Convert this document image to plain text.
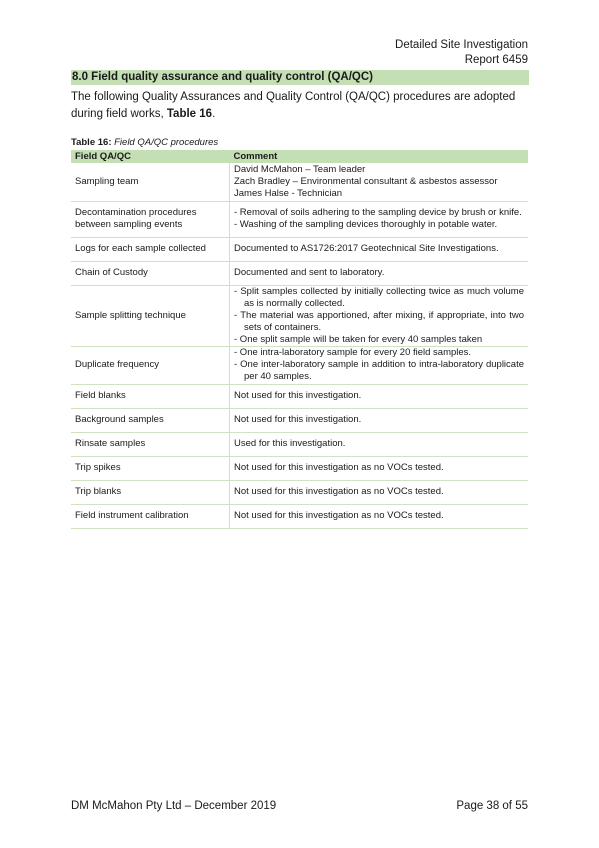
Detailed Site Investigation
Report 6459
8.0 Field quality assurance and quality control (QA/QC)
The following Quality Assurances and Quality Control (QA/QC) procedures are adopted during field works, Table 16.
Table 16: Field QA/QC procedures
Field QA/QC	Comment
Sampling team	David McMahon – Team leader
Zach Bradley – Environmental consultant & asbestos assessor
James Halse - Technician

Decontamination procedures between sampling events	- Removal of soils adhering to the sampling device by brush or knife.
- Washing of the sampling devices thoroughly in potable water.

Logs for each sample collected	Documented to AS1726:2017 Geotechnical Site Investigations.

Chain of Custody	Documented and sent to laboratory.

Sample splitting technique	- Split samples collected by initially collecting twice as much volume as is normally collected.
- The material was apportioned, after mixing, if appropriate, into two sets of containers.
- One split sample will be taken for every 40 samples taken

Duplicate frequency	- One intra-laboratory sample for every 20 field samples.
- One inter-laboratory sample in addition to intra-laboratory duplicate per 40 samples.

Field blanks	Not used for this investigation.

Background samples	Not used for this investigation.

Rinsate samples	Used for this investigation.

Trip spikes	Not used for this investigation as no VOCs tested.

Trip blanks	Not used for this investigation as no VOCs tested.

Field instrument calibration	Not used for this investigation as no VOCs tested.
DM McMahon Pty Ltd – December 2019	Page 38 of 55
